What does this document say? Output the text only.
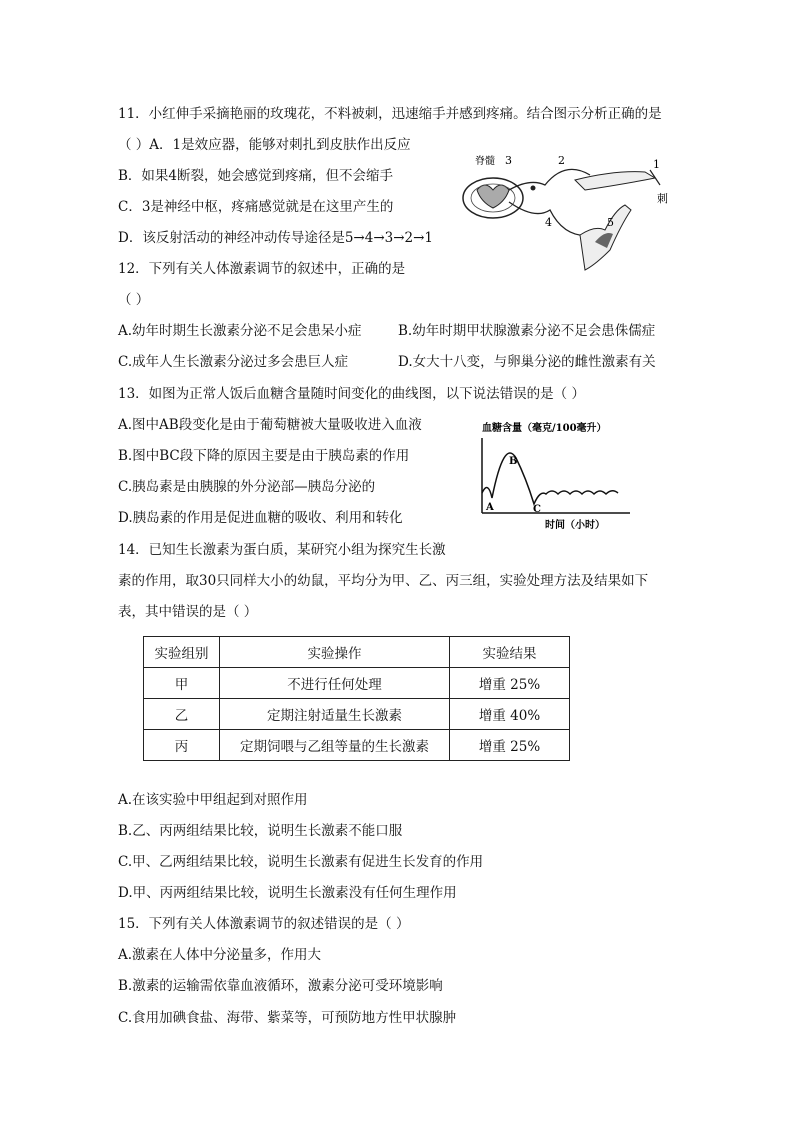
11．小红伸手采摘艳丽的玫瑰花，不料被刺，迅速缩手并感到疼痛。结合图示分析正确的是
（ ）A．1是效应器，能够对刺扎到皮肤作出反应
B．如果4断裂，她会感觉到疼痛，但不会缩手
C．3是神经中枢，疼痛感觉就是在这里产生的
D．该反射活动的神经冲动传导途径是5→4→3→2→1
脊髓 3	2	1
4	5
刺
12．下列有关人体激素调节的叙述中，正确的是
（ ）
A.幼年时期生长激素分泌不足会患呆小症	B.幼年时期甲状腺激素分泌不足会患侏儒症
C.成年人生长激素分泌过多会患巨人症	D.女大十八变，与卵巢分泌的雌性激素有关
13．如图为正常人饭后血糖含量随时间变化的曲线图，以下说法错误的是（ ）
A.图中AB段变化是由于葡萄糖被大量吸收进入血液
B.图中BC段下降的原因主要是由于胰岛素的作用
C.胰岛素是由胰腺的外分泌部—胰岛分泌的
D.胰岛素的作用是促进血糖的吸收、利用和转化
血糖含量（毫克/100毫升）
A
B
C
时间（小时）
14．已知生长激素为蛋白质，某研究小组为探究生长激
素的作用，取30只同样大小的幼鼠，平均分为甲、乙、丙三组，实验处理方法及结果如下
表，其中错误的是（ ）
实验组别	实验操作	实验结果
甲	不进行任何处理	增重 25%
乙	定期注射适量生长激素	增重 40%
丙	定期饲喂与乙组等量的生长激素	增重 25%
A.在该实验中甲组起到对照作用
B.乙、丙两组结果比较，说明生长激素不能口服
C.甲、乙两组结果比较，说明生长激素有促进生长发育的作用
D.甲、丙两组结果比较，说明生长激素没有任何生理作用
15．下列有关人体激素调节的叙述错误的是（ ）
A.激素在人体中分泌量多，作用大
B.激素的运输需依靠血液循环，激素分泌可受环境影响
C.食用加碘食盐、海带、紫菜等，可预防地方性甲状腺肿
